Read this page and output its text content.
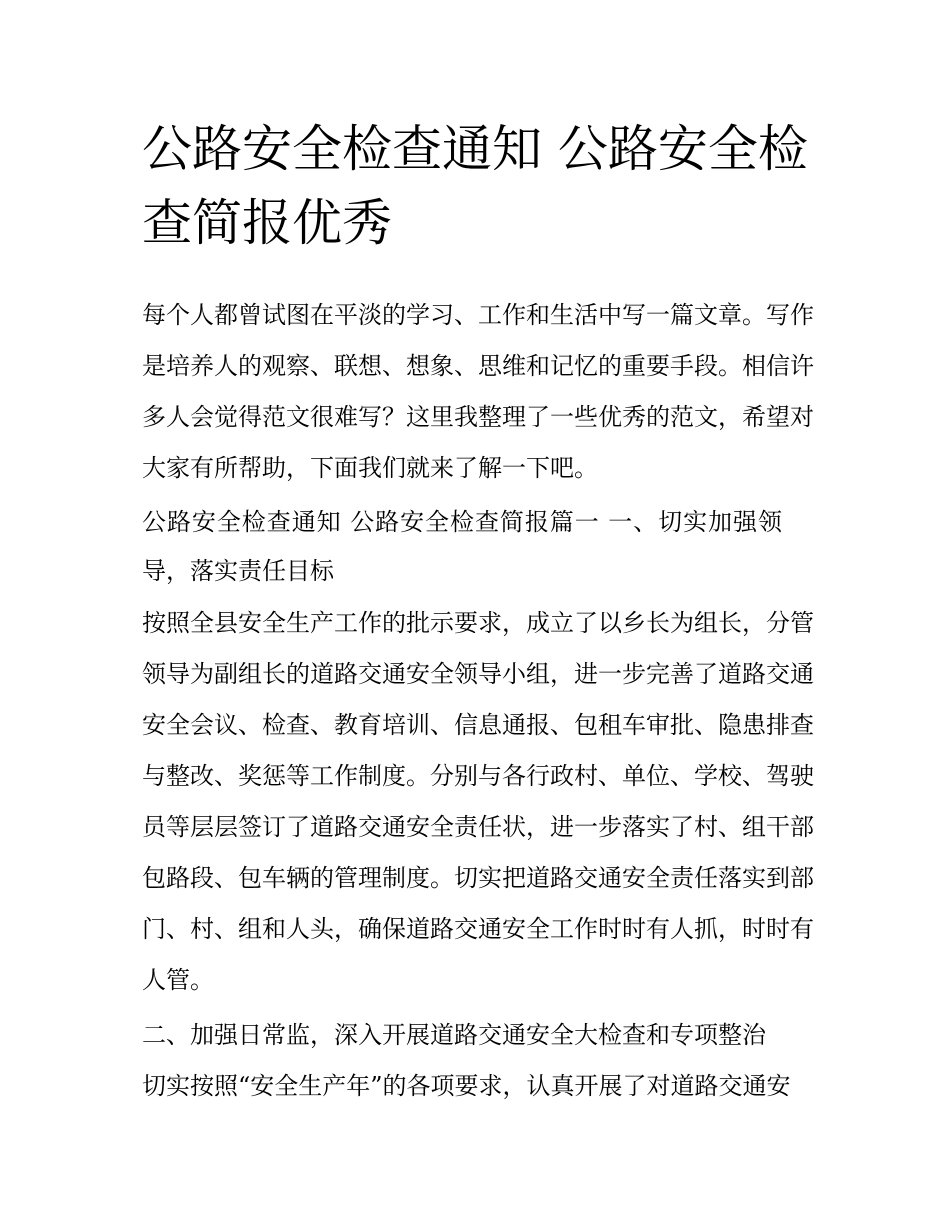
公路安全检查通知 公路安全检
查简报优秀

每个人都曾试图在平淡的学习、工作和生活中写一篇文章。写作是培养人的观察、联想、想象、思维和记忆的重要手段。相信许多人会觉得范文很难写？这里我整理了一些优秀的范文，希望对大家有所帮助，下面我们就来了解一下吧。

公路安全检查通知 公路安全检查简报篇一 一、切实加强领导，落实责任目标

按照全县安全生产工作的批示要求，成立了以乡长为组长，分管领导为副组长的道路交通安全领导小组，进一步完善了道路交通安全会议、检查、教育培训、信息通报、包租车审批、隐患排查与整改、奖惩等工作制度。分别与各行政村、单位、学校、驾驶员等层层签订了道路交通安全责任状，进一步落实了村、组干部包路段、包车辆的管理制度。切实把道路交通安全责任落实到部门、村、组和人头，确保道路交通安全工作时时有人抓，时时有人管。

二、加强日常监，深入开展道路交通安全大检查和专项整治

切实按照“安全生产年”的各项要求，认真开展了对道路交通安
